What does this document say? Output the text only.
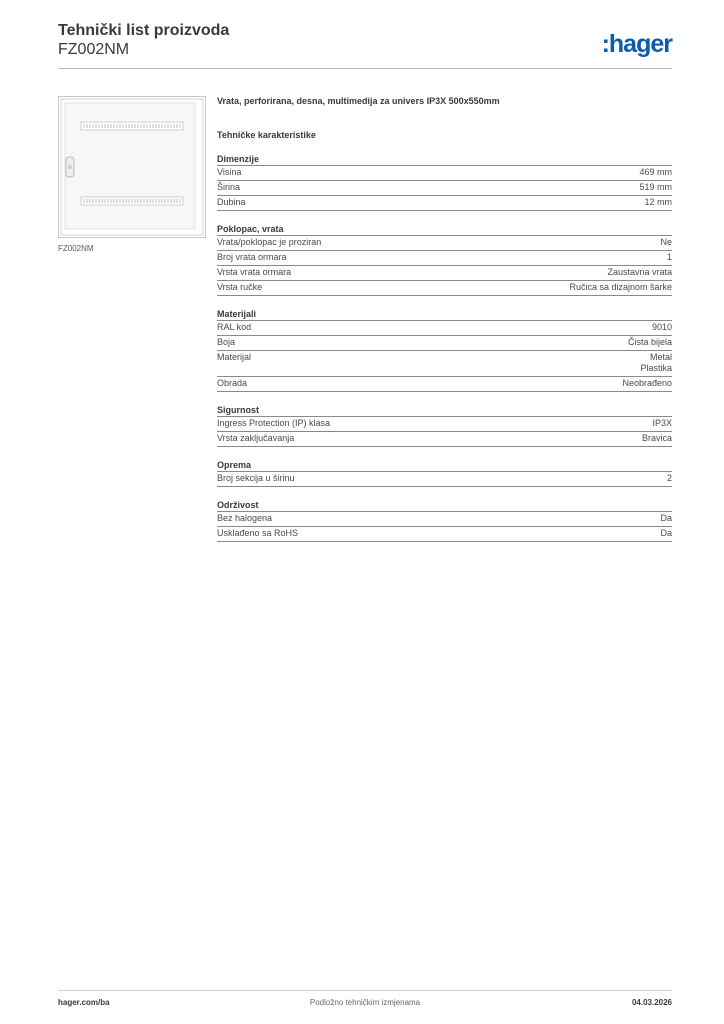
Tehnički list proizvoda
FZ002NM	:hager
FZ002NM
Vrata, perforirana, desna, multimedija za univers IP3X 500x550mm
Tehničke karakteristike
Dimenzije
Visina	469 mm
Širina	519 mm
Dubina	12 mm
Poklopac, vrata
Vrata/poklopac je proziran	Ne
Broj vrata ormara	1
Vrsta vrata ormara	Zaustavna vrata
Vrsta ručke	Ručica sa dizajnom šarke
Materijali
RAL kod	9010
Boja	Čista bijela
Materijal	Metal
Plastika
Obrada	Neobrađeno
Sigurnost
Ingress Protection (IP) klasa	IP3X
Vrsta zaključavanja	Bravica
Oprema
Broj sekcija u širinu	2
Održivost
Bez halogena	Da
Usklađeno sa RoHS	Da
hager.com/ba	Podložno tehničkim izmjenama	04.03.2026
